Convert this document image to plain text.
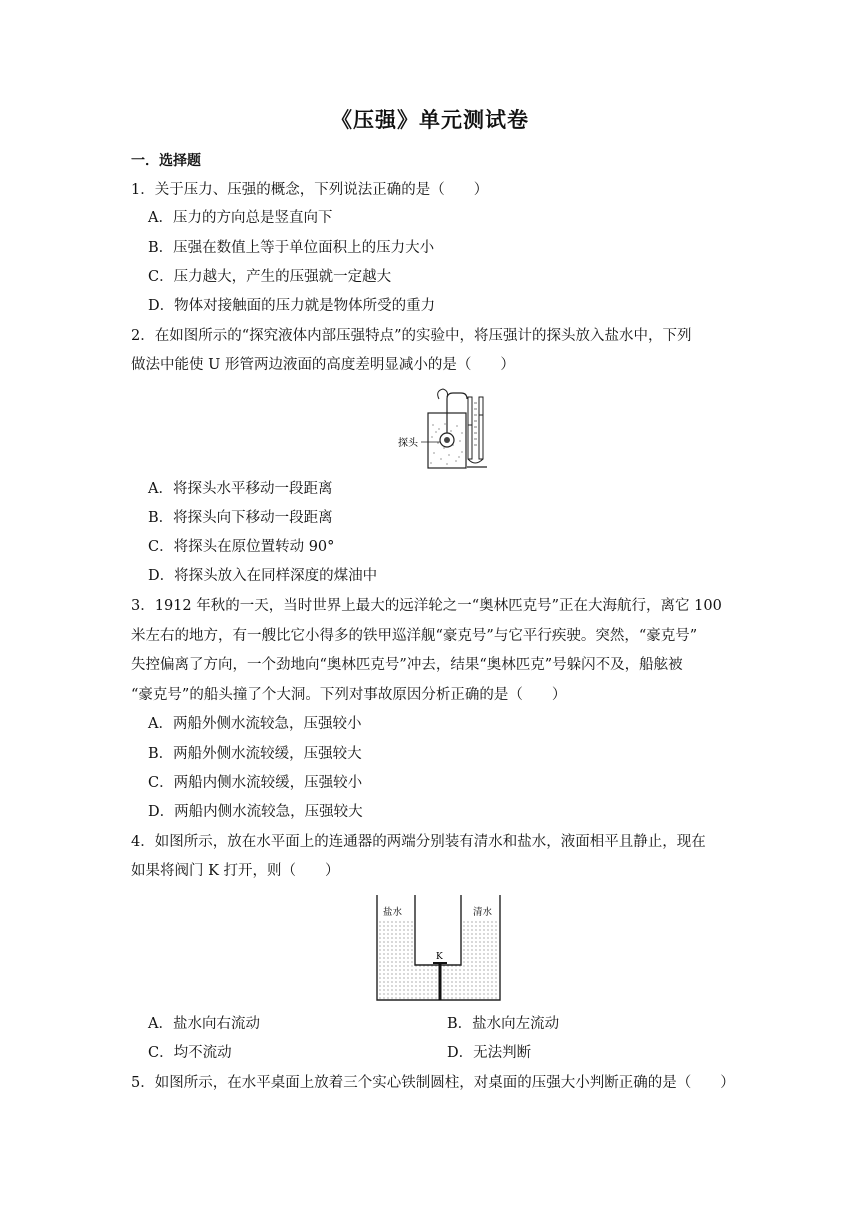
《压强》单元测试卷
一．选择题
1．关于压力、压强的概念，下列说法正确的是（　　）
A．压力的方向总是竖直向下
B．压强在数值上等于单位面积上的压力大小
C．压力越大，产生的压强就一定越大
D．物体对接触面的压力就是物体所受的重力
2．在如图所示的“探究液体内部压强特点”的实验中，将压强计的探头放入盐水中，下列
做法中能使 U 形管两边液面的高度差明显减小的是（　　）
探头
A．将探头水平移动一段距离
B．将探头向下移动一段距离
C．将探头在原位置转动 90°
D．将探头放入在同样深度的煤油中
3．1912 年秋的一天，当时世界上最大的远洋轮之一“奥林匹克号”正在大海航行，离它 100
米左右的地方，有一艘比它小得多的铁甲巡洋舰“豪克号”与它平行疾驶。突然，“豪克号”
失控偏离了方向，一个劲地向“奥林匹克号”冲去，结果“奥林匹克”号躲闪不及，船舷被
“豪克号”的船头撞了个大洞。下列对事故原因分析正确的是（　　）
A．两船外侧水流较急，压强较小
B．两船外侧水流较缓，压强较大
C．两船内侧水流较缓，压强较小
D．两船内侧水流较急，压强较大
4．如图所示，放在水平面上的连通器的两端分别装有清水和盐水，液面相平且静止，现在
如果将阀门 K 打开，则（　　）
盐水	清水
K
A．盐水向右流动	B．盐水向左流动
C．均不流动	D．无法判断
5．如图所示，在水平桌面上放着三个实心铁制圆柱，对桌面的压强大小判断正确的是（　　）
